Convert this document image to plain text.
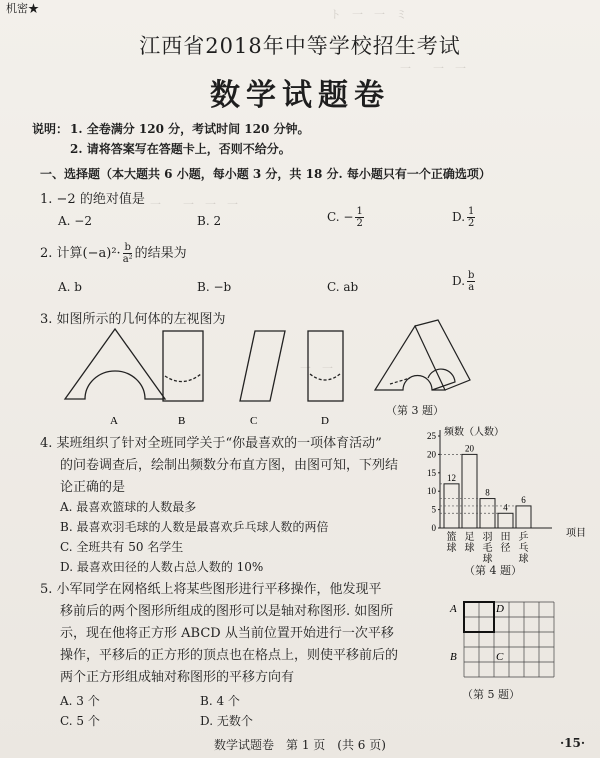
ト　一　一　ミ
一　　一　一
一　　一　一　一
一　一
机密★
江西省2018年中等学校招生考试
数学试题卷
说明： 1. 全卷满分 120 分，考试时间 120 分钟。
2. 请将答案写在答题卡上，否则不给分。
一、选择题（本大题共 6 小题，每小题 3 分，共 18 分. 每小题只有一个正确选项）
1. −2 的绝对值是
A. −2	B. 2	C. − $\frac{1}{2}$	D. $\frac{1}{2}$
2. 计算$(-a)^2\cdot \frac{b}{\text{a²}}$ 的结果为
A. b	B. −b	C. ab	D. $\frac{b}{a}$
3. 如图所示的几何体的左视图为
A	B	C	D
（第 3 题）
4. 某班组织了针对全班同学关于“你最喜欢的一项体育活动”
的问卷调查后，绘制出频数分布直方图，由图可知，下列结
论正确的是
A. 最喜欢篮球的人数最多
B. 最喜欢羽毛球的人数是最喜欢乒乓球人数的两倍
C. 全班共有 50 名学生
D. 最喜欢田径的人数占总人数的 10%
频数（人数）
项目
12
20
8
4
6
0
5
10
15
20
25
篮
球
足
球
羽
毛
球
田
径
乒
乓
球
（第 4 题）
5. 小军同学在网格纸上将某些图形进行平移操作，他发现平
移前后的两个图形所组成的图形可以是轴对称图形. 如图所
示，现在他将正方形 ABCD 从当前位置开始进行一次平移
操作，平移后的正方形的顶点也在格点上，则使平移前后的
两个正方形组成轴对称图形的平移方向有
A. 3 个	B. 4 个
C. 5 个	D. 无数个
A	D
B	C
（第 5 题）
数学试题卷　第 1 页　(共 6 页)	·15·
